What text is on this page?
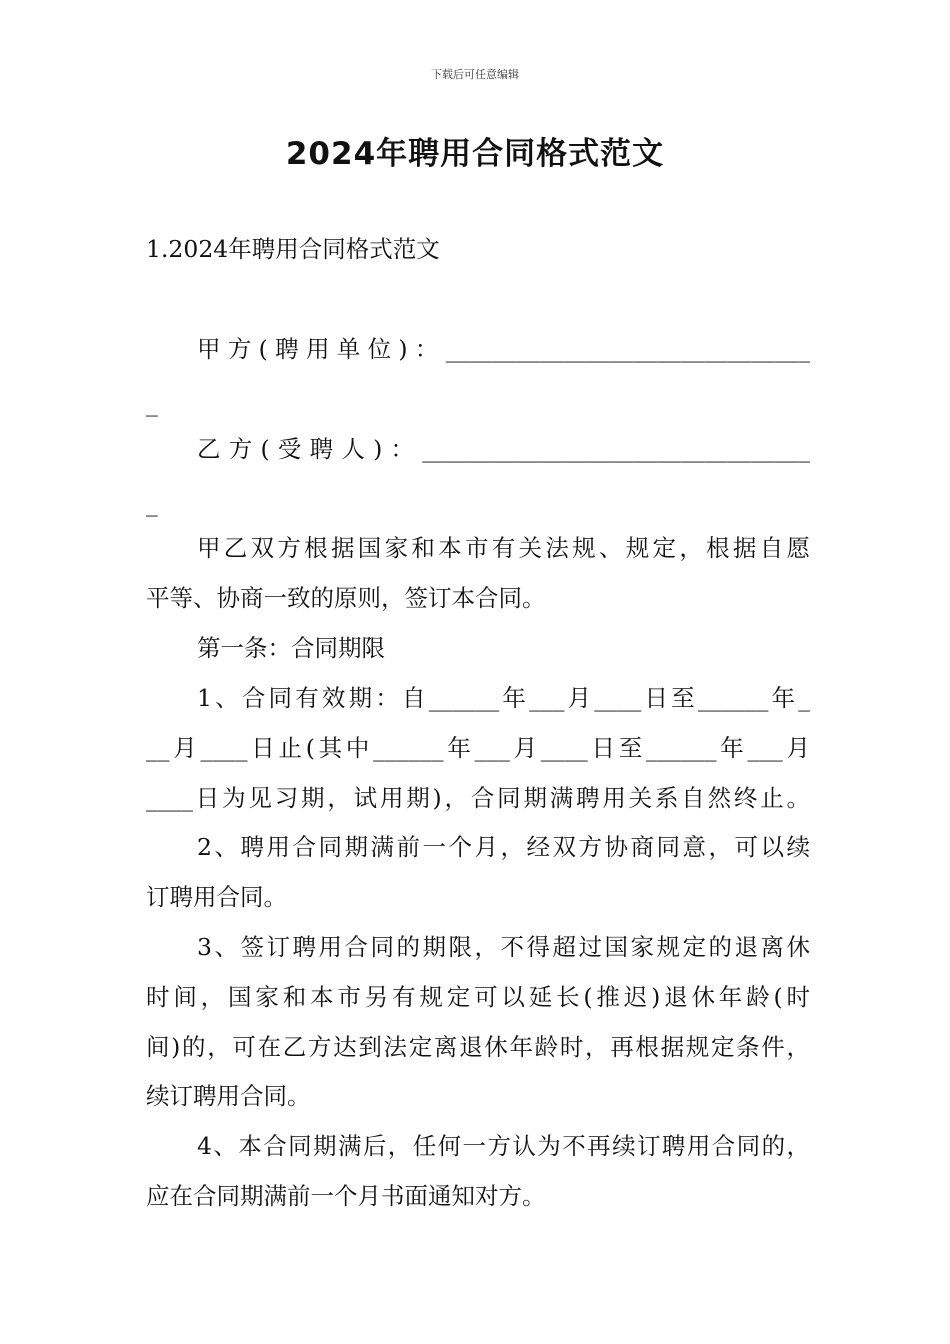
下载后可任意编辑
2024年聘用合同格式范文

1.2024年聘用合同格式范文

甲方(聘用单位)：_______________________________

_

乙方(受聘人)：_________________________________

_

甲乙双方根据国家和本市有关法规、规定，根据自愿

平等、协商一致的原则，签订本合同。

第一条：合同期限

1、合同有效期：自______年___月____日至______年_

__月____日止(其中______年___月____日至______年___月

____日为见习期，试用期)，合同期满聘用关系自然终止。

2、聘用合同期满前一个月，经双方协商同意，可以续

订聘用合同。

3、签订聘用合同的期限，不得超过国家规定的退离休

时间，国家和本市另有规定可以延长(推迟)退休年龄(时

间)的，可在乙方达到法定离退休年龄时，再根据规定条件，

续订聘用合同。

4、本合同期满后，任何一方认为不再续订聘用合同的，

应在合同期满前一个月书面通知对方。
